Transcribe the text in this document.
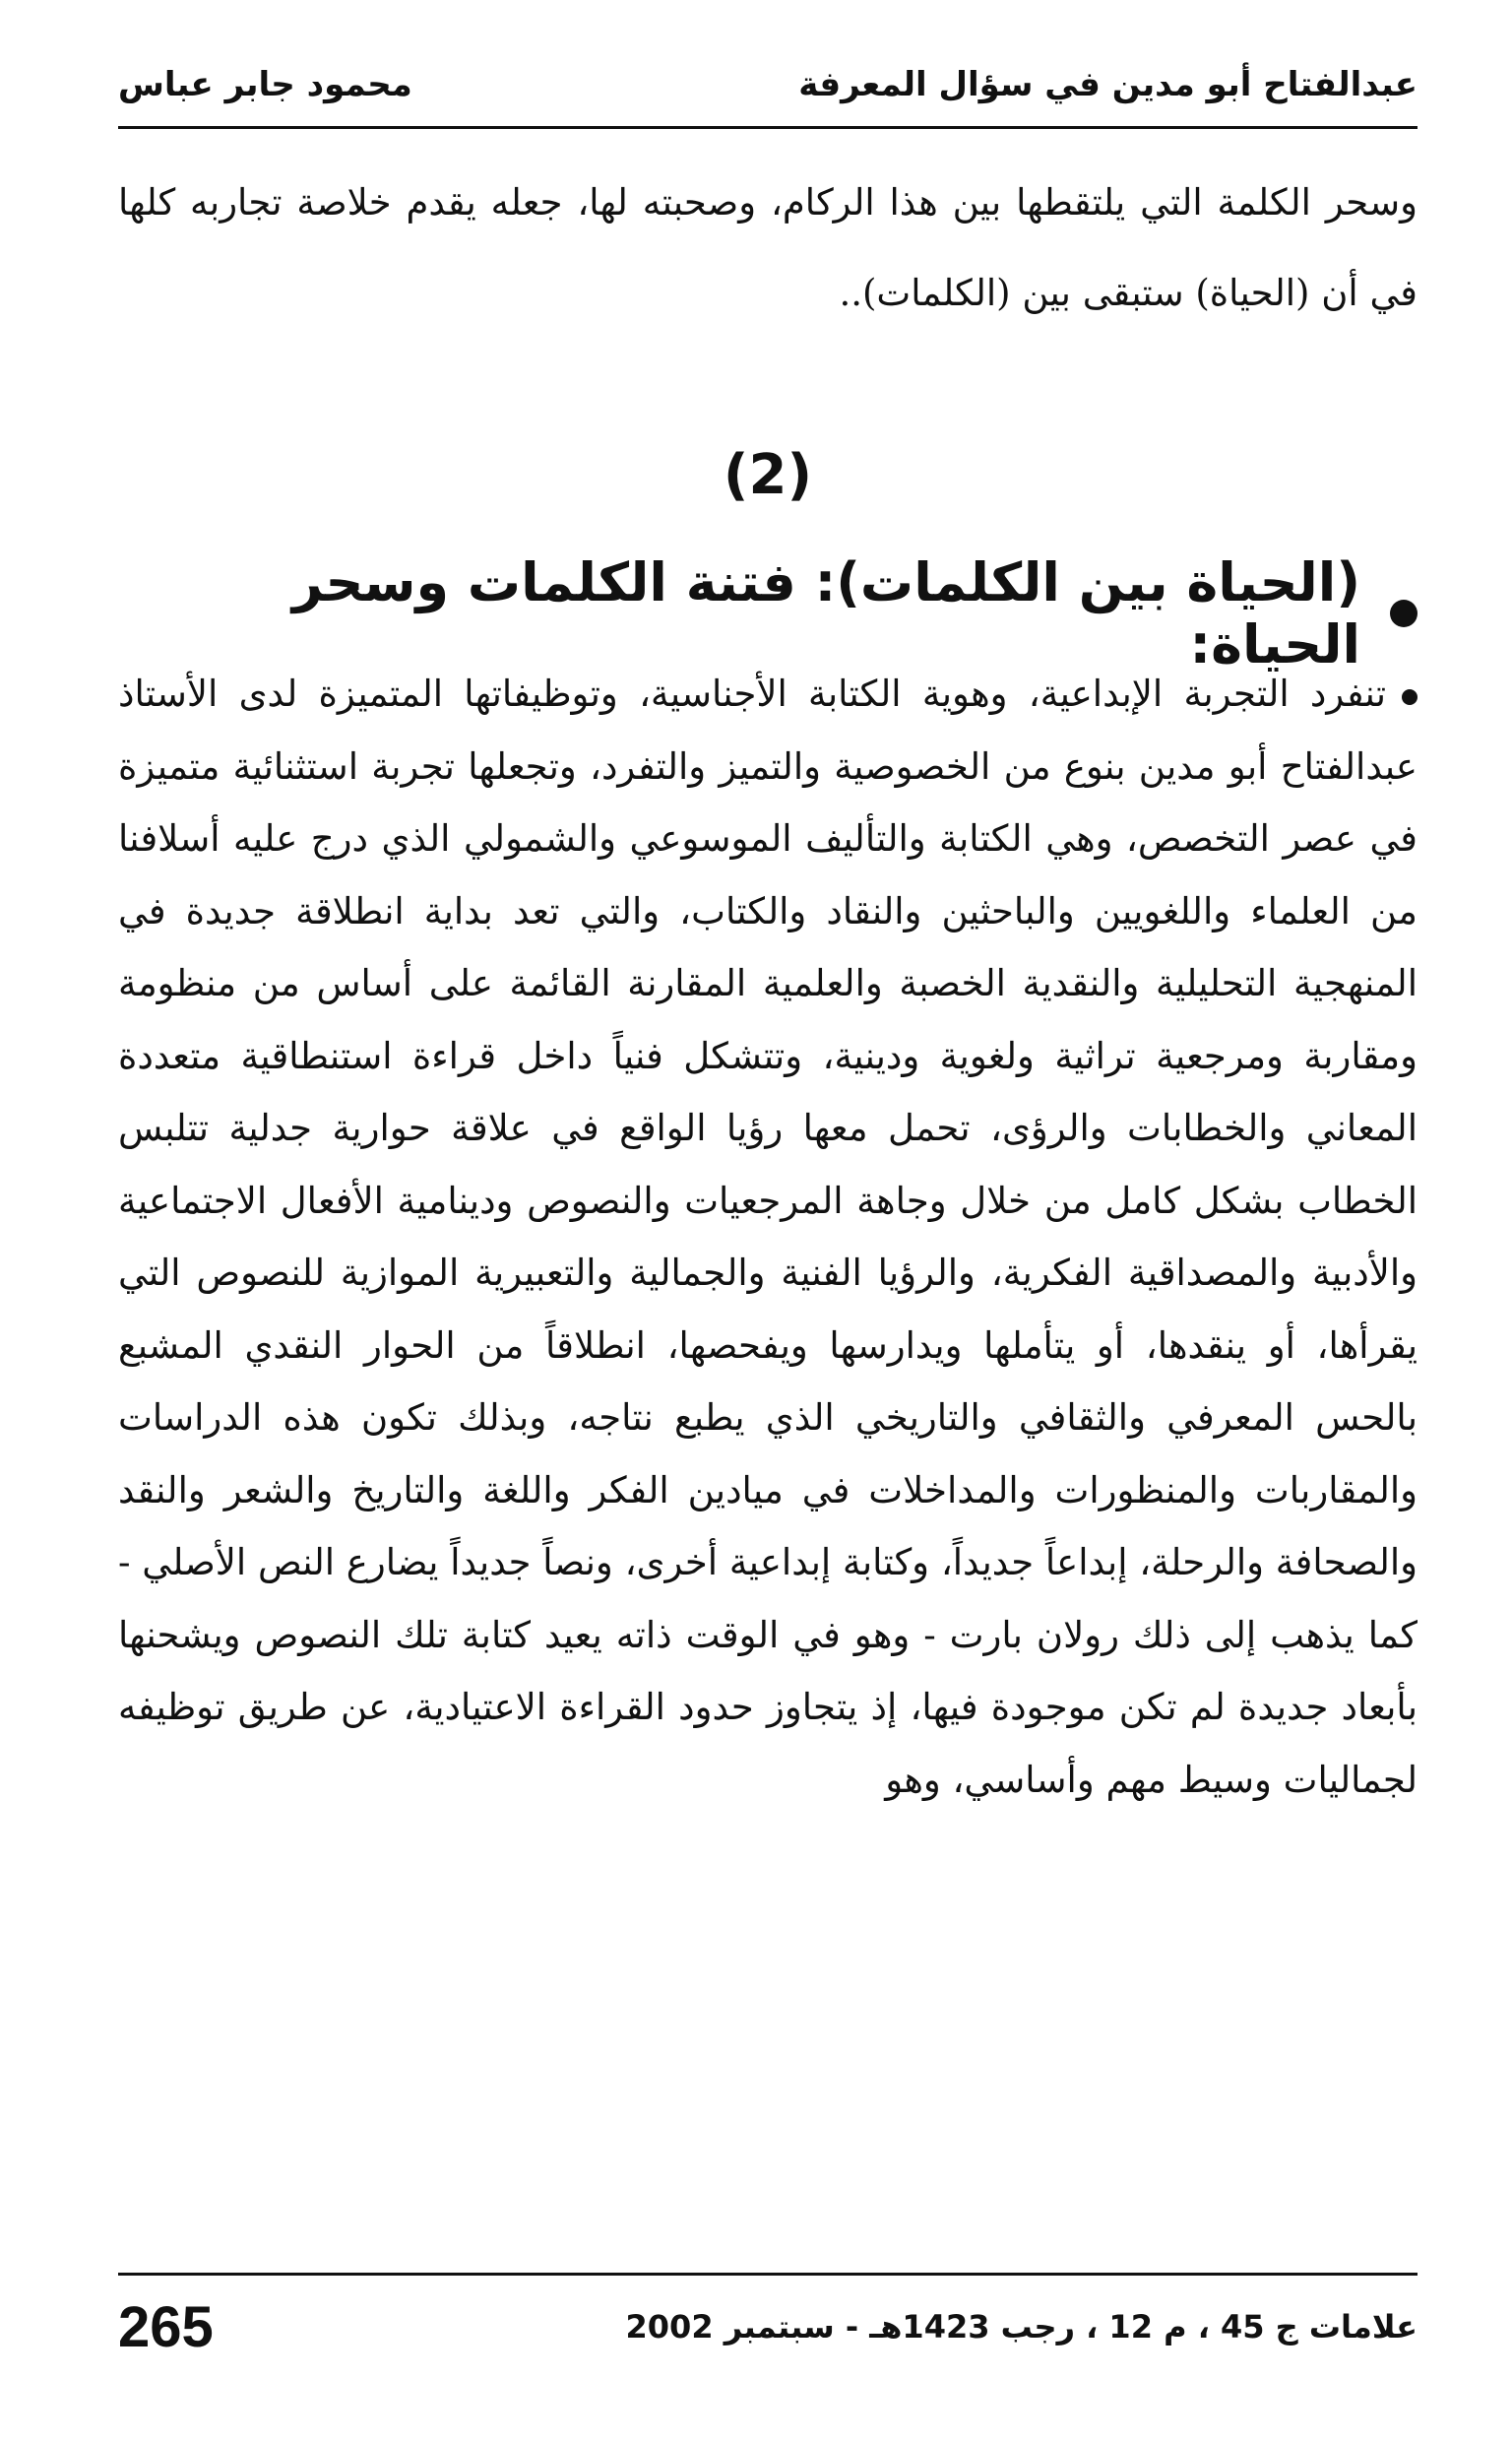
عبدالفتاح أبو مدين في سؤال المعرفة
محمود جابر عباس

وسحر الكلمة التي يلتقطها بين هذا الركام، وصحبته لها، جعله يقدم خلاصة تجاربه كلها في أن (الحياة) ستبقى بين (الكلمات)..

(2)
(الحياة بين الكلمات): فتنة الكلمات وسحر الحياة:

تنفرد التجربة الإبداعية، وهوية الكتابة الأجناسية، وتوظيفاتها المتميزة لدى الأستاذ عبدالفتاح أبو مدين بنوع من الخصوصية والتميز والتفرد، وتجعلها تجربة استثنائية متميزة في عصر التخصص، وهي الكتابة والتأليف الموسوعي والشمولي الذي درج عليه أسلافنا من العلماء واللغويين والباحثين والنقاد والكتاب، والتي تعد بداية انطلاقة جديدة في المنهجية التحليلية والنقدية الخصبة والعلمية المقارنة القائمة على أساس من منظومة ومقاربة ومرجعية تراثية ولغوية ودينية، وتتشكل فنياً داخل قراءة استنطاقية متعددة المعاني والخطابات والرؤى، تحمل معها رؤيا الواقع في علاقة حوارية جدلية تتلبس الخطاب بشكل كامل من خلال وجاهة المرجعيات والنصوص ودينامية الأفعال الاجتماعية والأدبية والمصداقية الفكرية، والرؤيا الفنية والجمالية والتعبيرية الموازية للنصوص التي يقرأها، أو ينقدها، أو يتأملها ويدارسها ويفحصها، انطلاقاً من الحوار النقدي المشبع بالحس المعرفي والثقافي والتاريخي الذي يطبع نتاجه، وبذلك تكون هذه الدراسات والمقاربات والمنظورات والمداخلات في ميادين الفكر واللغة والتاريخ والشعر والنقد والصحافة والرحلة، إبداعاً جديداً، وكتابة إبداعية أخرى، ونصاً جديداً يضارع النص الأصلي - كما يذهب إلى ذلك رولان بارت - وهو في الوقت ذاته يعيد كتابة تلك النصوص ويشحنها بأبعاد جديدة لم تكن موجودة فيها، إذ يتجاوز حدود القراءة الاعتيادية، عن طريق توظيفه لجماليات وسيط مهم وأساسي، وهو

علامات ج 45 ، م 12 ، رجب 1423هـ - سبتمبر 2002
265
